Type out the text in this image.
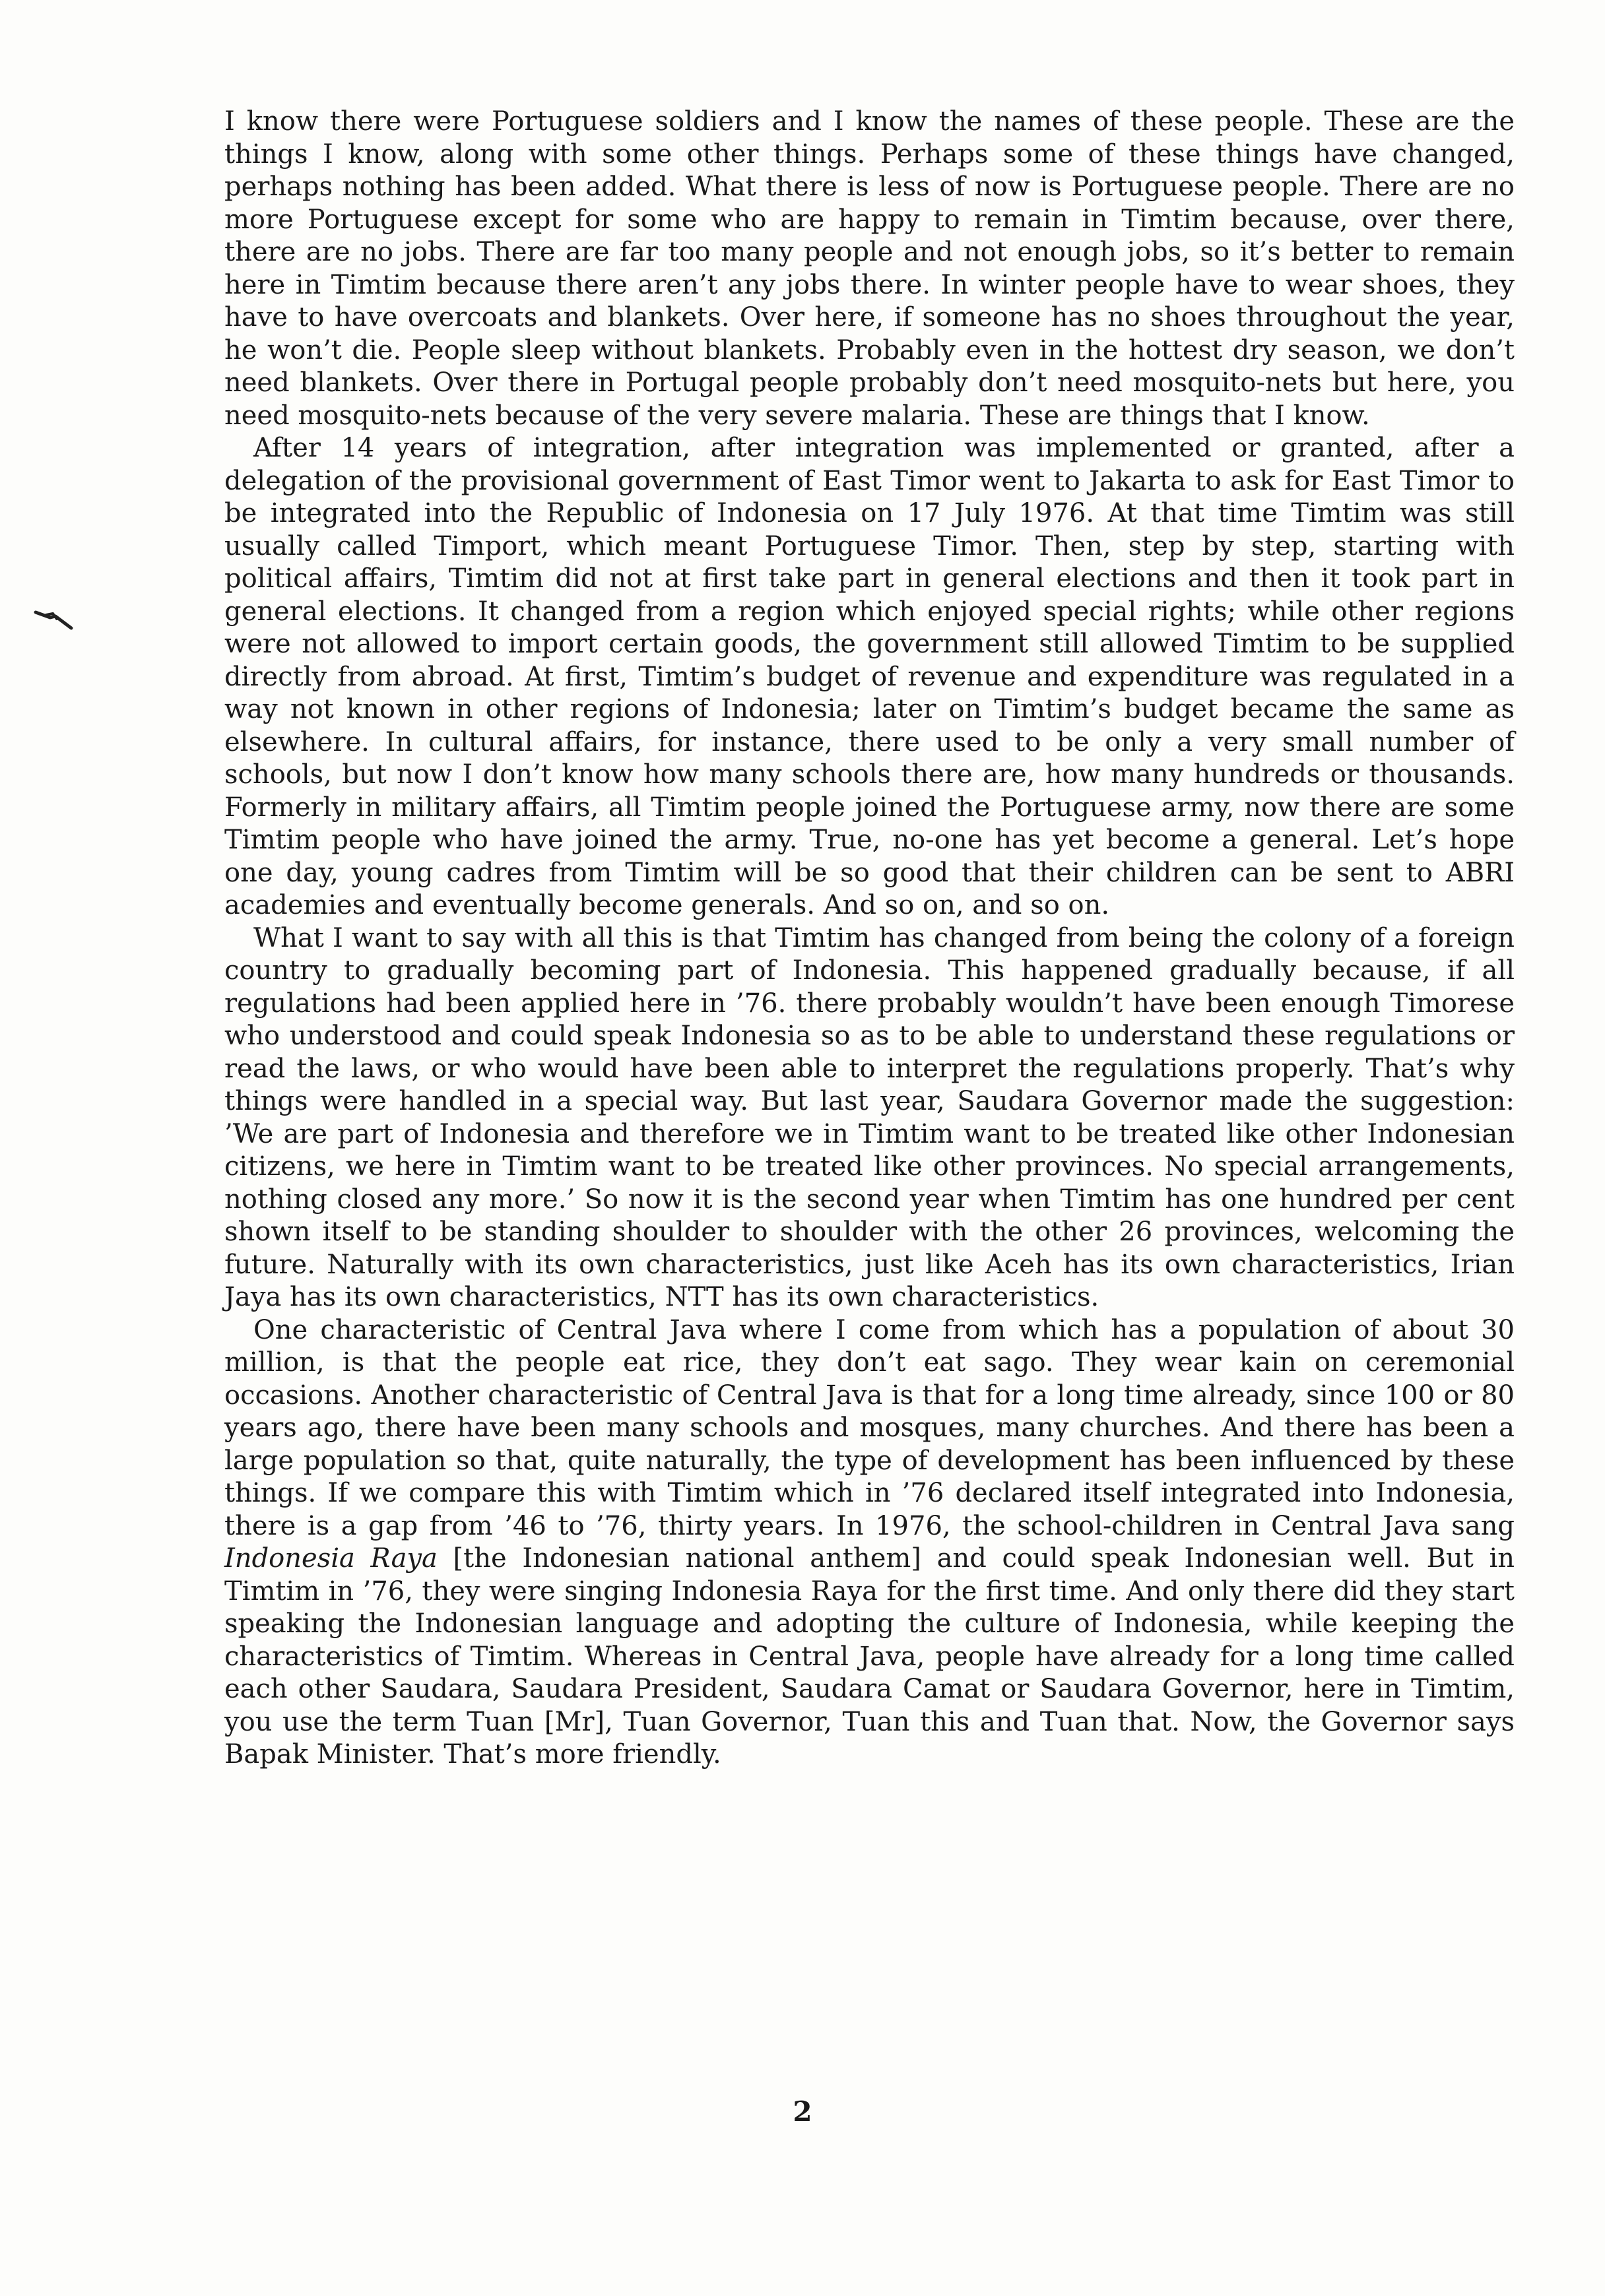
I know there were Portuguese soldiers and I know the names of these people. These are the things I know, along with some other things. Perhaps some of these things have changed, perhaps nothing has been added. What there is less of now is Portuguese people. There are no more Portuguese except for some who are happy to remain in Timtim because, over there, there are no jobs. There are far too many people and not enough jobs, so it’s better to remain here in Timtim because there aren’t any jobs there. In winter people have to wear shoes, they have to have overcoats and blankets. Over here, if someone has no shoes throughout the year, he won’t die. People sleep without blankets. Probably even in the hottest dry season, we don’t need blankets. Over there in Portugal people probably don’t need mosquito-nets but here, you need mosquito-nets because of the very severe malaria. These are things that I know.

After 14 years of integration, after integration was implemented or granted, after a delegation of the provisional government of East Timor went to Jakarta to ask for East Timor to be integrated into the Republic of Indonesia on 17 July 1976. At that time Timtim was still usually called Timport, which meant Portuguese Timor. Then, step by step, starting with political affairs, Timtim did not at first take part in general elections and then it took part in general elections. It changed from a region which enjoyed special rights; while other regions were not allowed to import certain goods, the government still allowed Timtim to be supplied directly from abroad. At first, Timtim’s budget of revenue and expenditure was regulated in a way not known in other regions of Indonesia; later on Timtim’s budget became the same as elsewhere. In cultural affairs, for instance, there used to be only a very small number of schools, but now I don’t know how many schools there are, how many hundreds or thousands. Formerly in military affairs, all Timtim people joined the Portuguese army, now there are some Timtim people who have joined the army. True, no-one has yet become a general. Let’s hope one day, young cadres from Timtim will be so good that their children can be sent to ABRI academies and eventually become generals. And so on, and so on.

What I want to say with all this is that Timtim has changed from being the colony of a foreign country to gradually becoming part of Indonesia. This happened gradually because, if all regulations had been applied here in ’76. there probably wouldn’t have been enough Timorese who understood and could speak Indonesia so as to be able to understand these regulations or read the laws, or who would have been able to interpret the regulations properly. That’s why things were handled in a special way. But last year, Saudara Governor made the suggestion: ’We are part of Indonesia and therefore we in Timtim want to be treated like other Indonesian citizens, we here in Timtim want to be treated like other provinces. No special arrangements, nothing closed any more.’ So now it is the second year when Timtim has one hundred per cent shown itself to be standing shoulder to shoulder with the other 26 provinces, welcoming the future. Naturally with its own characteristics, just like Aceh has its own characteristics, Irian Jaya has its own characteristics, NTT has its own characteristics.

One characteristic of Central Java where I come from which has a population of about 30 million, is that the people eat rice, they don’t eat sago. They wear kain on ceremonial occasions. Another characteristic of Central Java is that for a long time already, since 100 or 80 years ago, there have been many schools and mosques, many churches. And there has been a large population so that, quite naturally, the type of development has been influenced by these things. If we compare this with Timtim which in ’76 declared itself integrated into Indonesia, there is a gap from ’46 to ’76, thirty years. In 1976, the school-children in Central Java sang Indonesia Raya [the Indonesian national anthem] and could speak Indonesian well. But in Timtim in ’76, they were singing Indonesia Raya for the first time. And only there did they start speaking the Indonesian language and adopting the culture of Indonesia, while keeping the characteristics of Timtim. Whereas in Central Java, people have already for a long time called each other Saudara, Saudara President, Saudara Camat or Saudara Governor, here in Timtim, you use the term Tuan [Mr], Tuan Governor, Tuan this and Tuan that. Now, the Governor says Bapak Minister. That’s more friendly.

2
